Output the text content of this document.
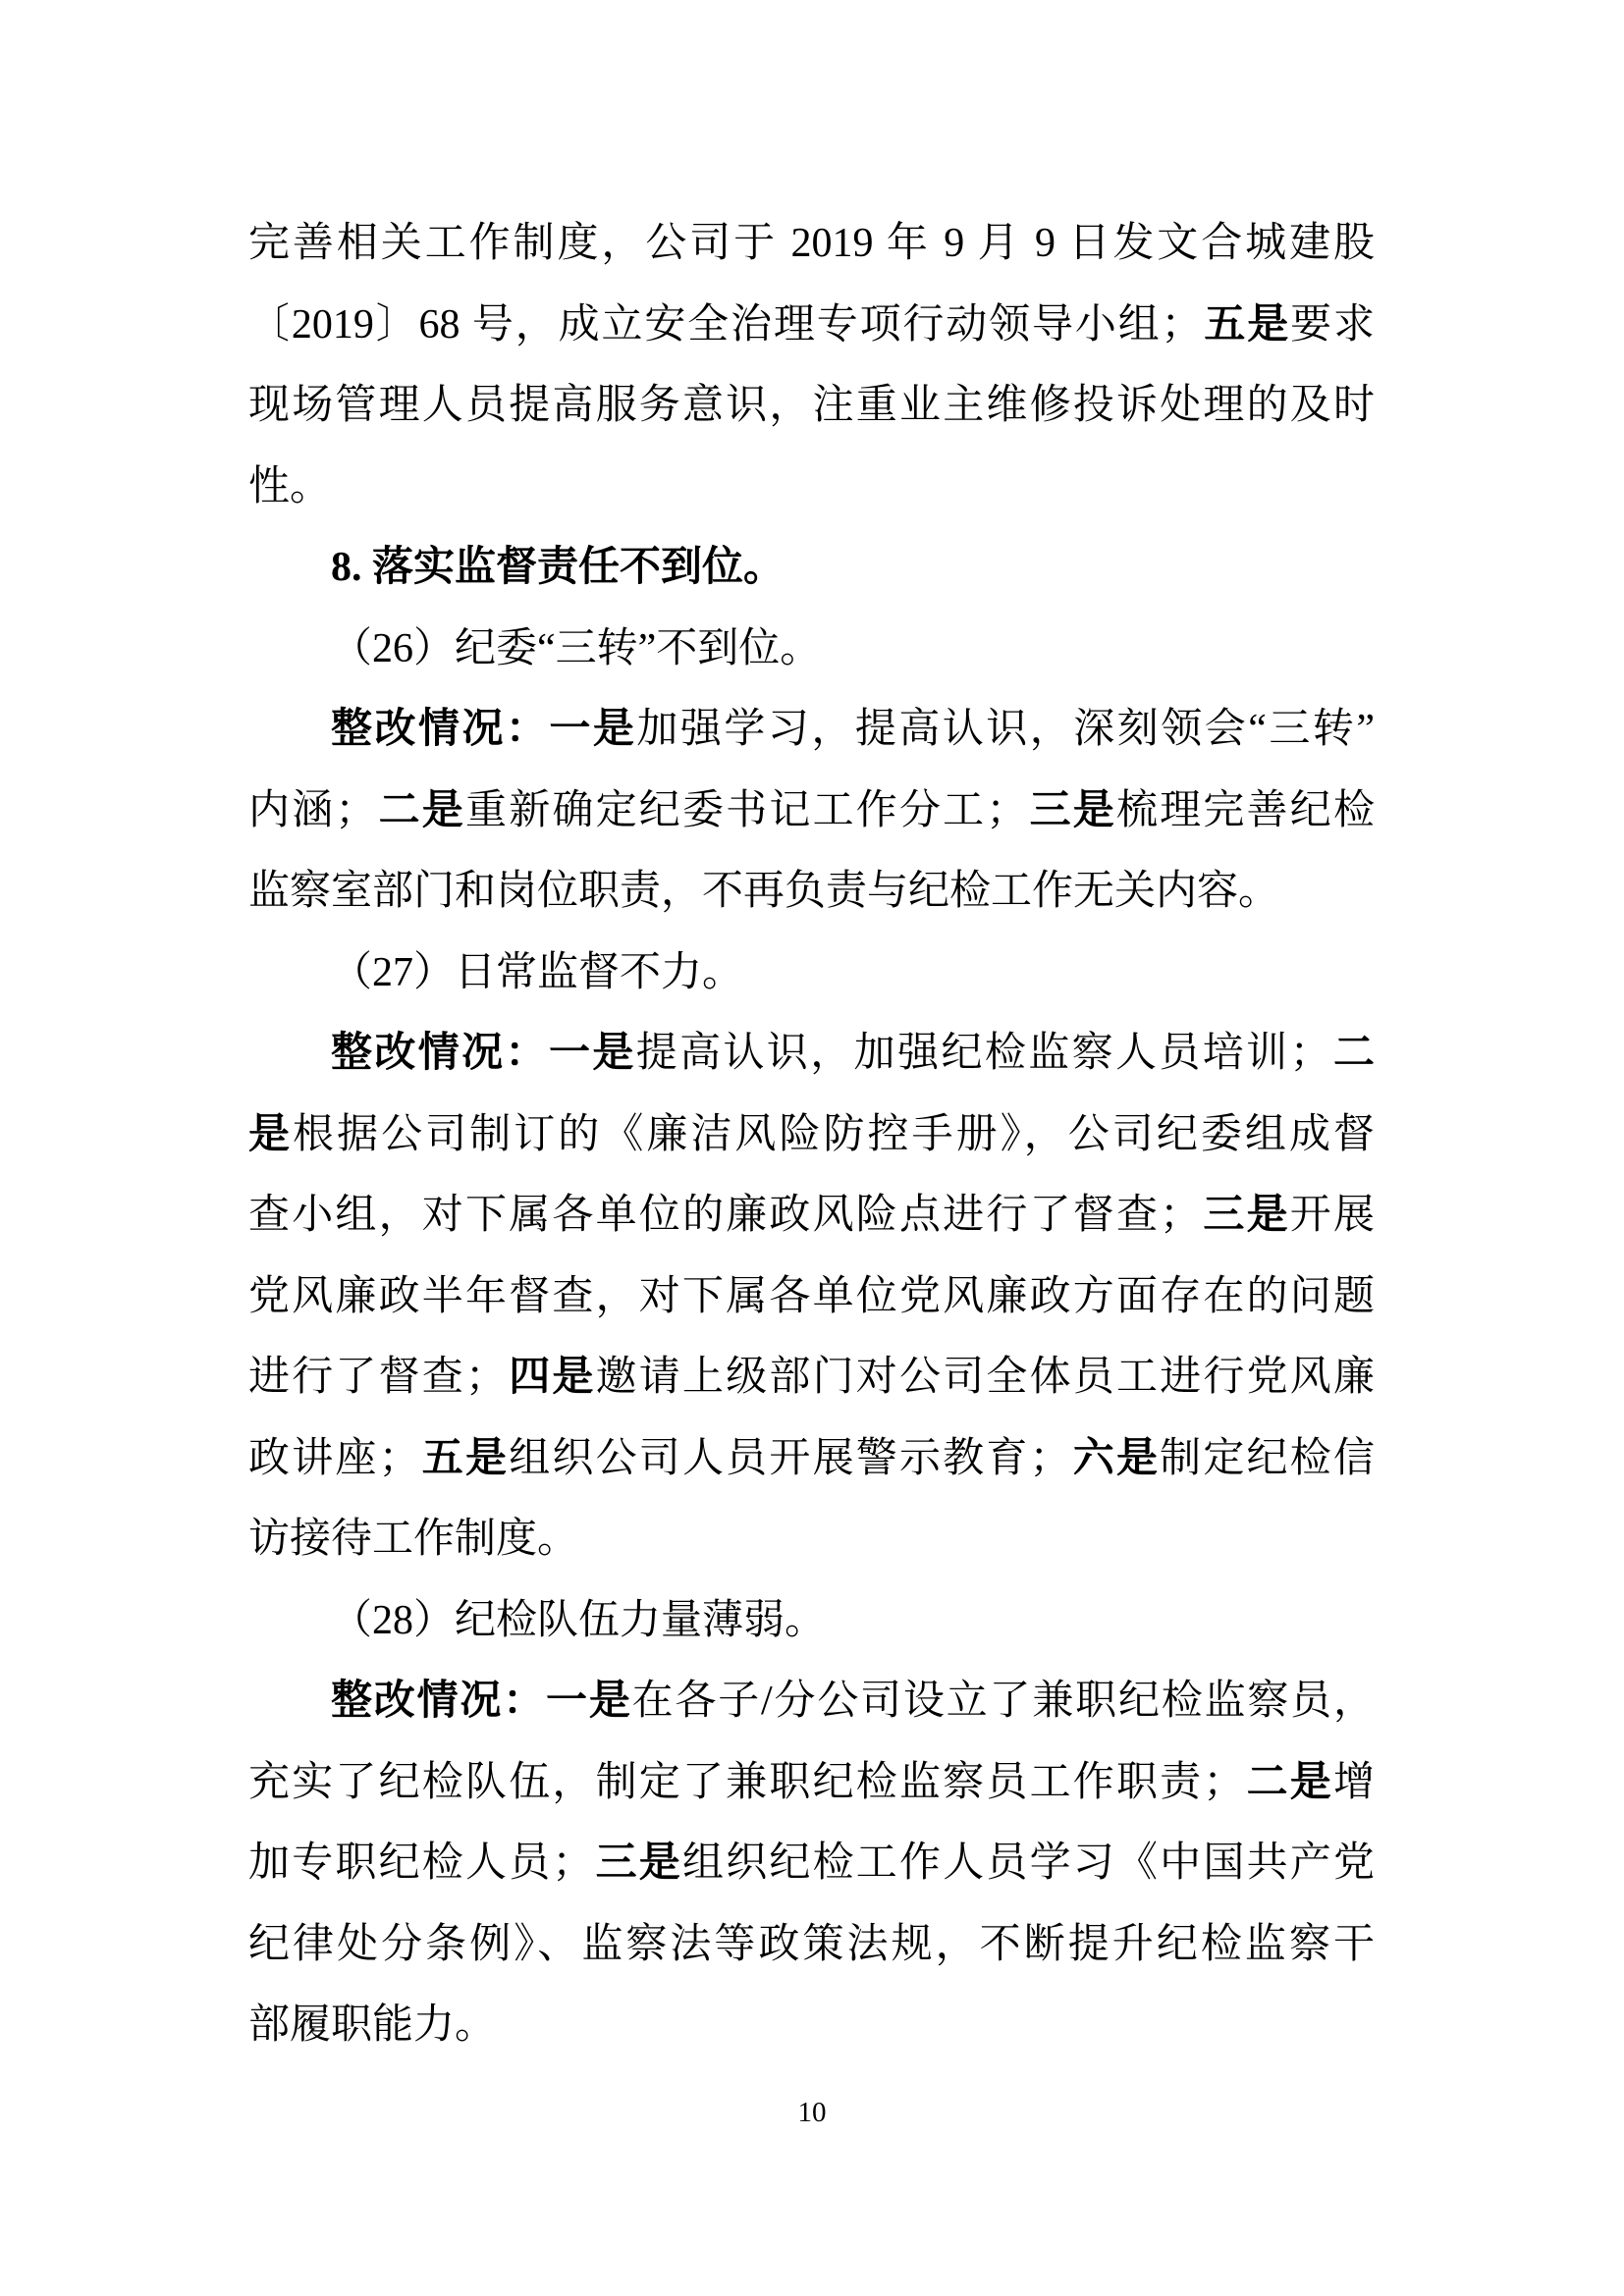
完善相关工作制度，公司于 2019 年 9 月 9 日发文合城建股
〔2019〕68 号，成立安全治理专项行动领导小组；五是要求
现场管理人员提高服务意识，注重业主维修投诉处理的及时
性。
8. 落实监督责任不到位。
（26）纪委“三转”不到位。
整改情况：一是加强学习，提高认识，深刻领会“三转”
内涵；二是重新确定纪委书记工作分工；三是梳理完善纪检
监察室部门和岗位职责，不再负责与纪检工作无关内容。
（27）日常监督不力。
整改情况：一是提高认识，加强纪检监察人员培训；二
是根据公司制订的《廉洁风险防控手册》，公司纪委组成督
查小组，对下属各单位的廉政风险点进行了督查；三是开展
党风廉政半年督查，对下属各单位党风廉政方面存在的问题
进行了督查；四是邀请上级部门对公司全体员工进行党风廉
政讲座；五是组织公司人员开展警示教育；六是制定纪检信
访接待工作制度。
（28）纪检队伍力量薄弱。
整改情况：一是在各子/分公司设立了兼职纪检监察员，
充实了纪检队伍，制定了兼职纪检监察员工作职责；二是增
加专职纪检人员；三是组织纪检工作人员学习《中国共产党
纪律处分条例》、监察法等政策法规，不断提升纪检监察干
部履职能力。
10
